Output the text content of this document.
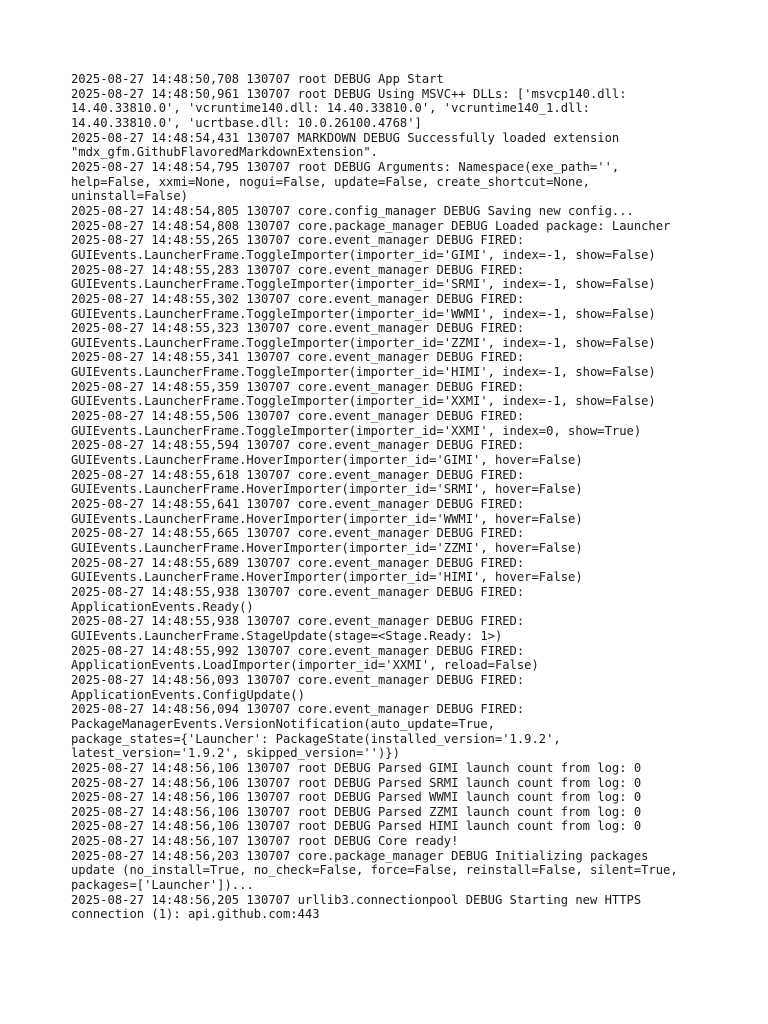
2025-08-27 14:48:50,708 130707 root DEBUG App Start
2025-08-27 14:48:50,961 130707 root DEBUG Using MSVC++ DLLs: ['msvcp140.dll:
14.40.33810.0', 'vcruntime140.dll: 14.40.33810.0', 'vcruntime140_1.dll:
14.40.33810.0', 'ucrtbase.dll: 10.0.26100.4768']
2025-08-27 14:48:54,431 130707 MARKDOWN DEBUG Successfully loaded extension
"mdx_gfm.GithubFlavoredMarkdownExtension".
2025-08-27 14:48:54,795 130707 root DEBUG Arguments: Namespace(exe_path='',
help=False, xxmi=None, nogui=False, update=False, create_shortcut=None,
uninstall=False)
2025-08-27 14:48:54,805 130707 core.config_manager DEBUG Saving new config...
2025-08-27 14:48:54,808 130707 core.package_manager DEBUG Loaded package: Launcher
2025-08-27 14:48:55,265 130707 core.event_manager DEBUG FIRED:
GUIEvents.LauncherFrame.ToggleImporter(importer_id='GIMI', index=-1, show=False)
2025-08-27 14:48:55,283 130707 core.event_manager DEBUG FIRED:
GUIEvents.LauncherFrame.ToggleImporter(importer_id='SRMI', index=-1, show=False)
2025-08-27 14:48:55,302 130707 core.event_manager DEBUG FIRED:
GUIEvents.LauncherFrame.ToggleImporter(importer_id='WWMI', index=-1, show=False)
2025-08-27 14:48:55,323 130707 core.event_manager DEBUG FIRED:
GUIEvents.LauncherFrame.ToggleImporter(importer_id='ZZMI', index=-1, show=False)
2025-08-27 14:48:55,341 130707 core.event_manager DEBUG FIRED:
GUIEvents.LauncherFrame.ToggleImporter(importer_id='HIMI', index=-1, show=False)
2025-08-27 14:48:55,359 130707 core.event_manager DEBUG FIRED:
GUIEvents.LauncherFrame.ToggleImporter(importer_id='XXMI', index=-1, show=False)
2025-08-27 14:48:55,506 130707 core.event_manager DEBUG FIRED:
GUIEvents.LauncherFrame.ToggleImporter(importer_id='XXMI', index=0, show=True)
2025-08-27 14:48:55,594 130707 core.event_manager DEBUG FIRED:
GUIEvents.LauncherFrame.HoverImporter(importer_id='GIMI', hover=False)
2025-08-27 14:48:55,618 130707 core.event_manager DEBUG FIRED:
GUIEvents.LauncherFrame.HoverImporter(importer_id='SRMI', hover=False)
2025-08-27 14:48:55,641 130707 core.event_manager DEBUG FIRED:
GUIEvents.LauncherFrame.HoverImporter(importer_id='WWMI', hover=False)
2025-08-27 14:48:55,665 130707 core.event_manager DEBUG FIRED:
GUIEvents.LauncherFrame.HoverImporter(importer_id='ZZMI', hover=False)
2025-08-27 14:48:55,689 130707 core.event_manager DEBUG FIRED:
GUIEvents.LauncherFrame.HoverImporter(importer_id='HIMI', hover=False)
2025-08-27 14:48:55,938 130707 core.event_manager DEBUG FIRED:
ApplicationEvents.Ready()
2025-08-27 14:48:55,938 130707 core.event_manager DEBUG FIRED:
GUIEvents.LauncherFrame.StageUpdate(stage=<Stage.Ready: 1>)
2025-08-27 14:48:55,992 130707 core.event_manager DEBUG FIRED:
ApplicationEvents.LoadImporter(importer_id='XXMI', reload=False)
2025-08-27 14:48:56,093 130707 core.event_manager DEBUG FIRED:
ApplicationEvents.ConfigUpdate()
2025-08-27 14:48:56,094 130707 core.event_manager DEBUG FIRED:
PackageManagerEvents.VersionNotification(auto_update=True,
package_states={'Launcher': PackageState(installed_version='1.9.2',
latest_version='1.9.2', skipped_version='')})
2025-08-27 14:48:56,106 130707 root DEBUG Parsed GIMI launch count from log: 0
2025-08-27 14:48:56,106 130707 root DEBUG Parsed SRMI launch count from log: 0
2025-08-27 14:48:56,106 130707 root DEBUG Parsed WWMI launch count from log: 0
2025-08-27 14:48:56,106 130707 root DEBUG Parsed ZZMI launch count from log: 0
2025-08-27 14:48:56,106 130707 root DEBUG Parsed HIMI launch count from log: 0
2025-08-27 14:48:56,107 130707 root DEBUG Core ready!
2025-08-27 14:48:56,203 130707 core.package_manager DEBUG Initializing packages
update (no_install=True, no_check=False, force=False, reinstall=False, silent=True,
packages=['Launcher'])...
2025-08-27 14:48:56,205 130707 urllib3.connectionpool DEBUG Starting new HTTPS
connection (1): api.github.com:443
